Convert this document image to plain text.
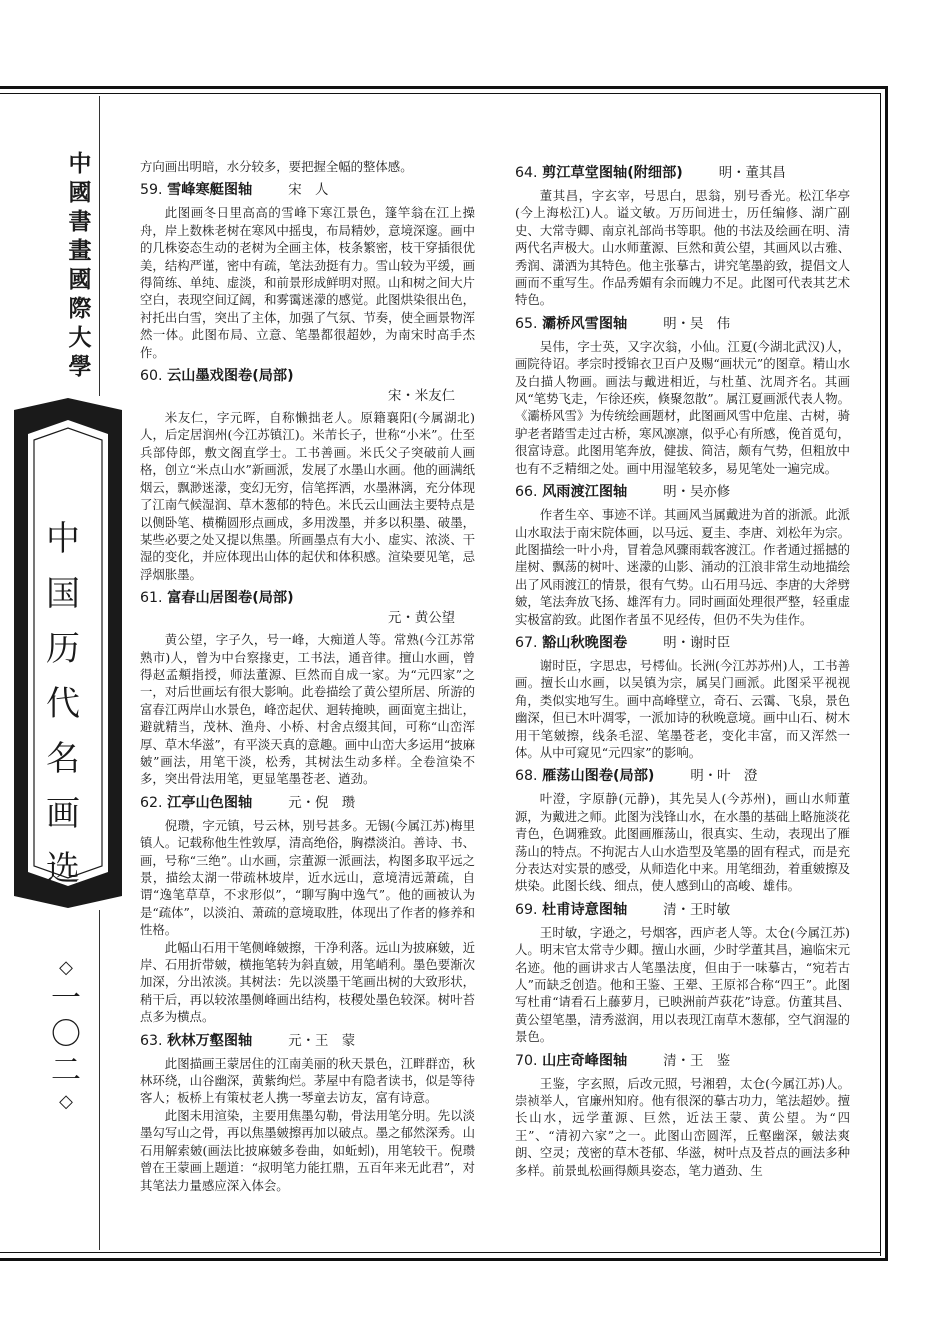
中
國
書
畫
國
際
大
學
中
国
历
代
名
画
选
◇
一
〇
二
◇

方向画出明暗，水分较多，要把握全幅的整体感。

59. 雪峰寒艇图轴	宋　人

此图画冬日里高高的雪峰下寒江景色，篷竿翁在江上操舟，岸上数株老树在寒风中摇曳，布局精妙，意境深邃。画中的几株姿态生动的老树为全画主体，枝条繁密，枝干穿插很优美，结构严谨，密中有疏，笔法劲挺有力。雪山较为平缓，画得简练、单纯、虚淡，和前景形成鲜明对照。山和树之间大片空白，表现空间辽阔，和雾霭迷濛的感觉。此图烘染很出色，衬托出白雪，突出了主体，加强了气氛、节奏，使全画景物浑然一体。此图布局、立意、笔墨都很超妙，为南宋时高手杰作。

60. 云山墨戏图卷(局部)
宋・米友仁

米友仁，字元晖，自称懒拙老人。原籍襄阳(今属湖北)人，后定居润州(今江苏镇江)。米芾长子，世称“小米”。仕至兵部侍郎，敷文阁直学士。工书善画。米氏父子突破前人画格，创立“米点山水”新画派，发展了水墨山水画。他的画满纸烟云，飘渺迷濛，变幻无穷，信笔挥洒，水墨淋漓，充分体现了江南气候湿润、草木葱郁的特色。米氏云山画法主要特点是以侧卧笔、横椭圆形点画成，多用泼墨，并多以积墨、破墨，某些必要之处又提以焦墨。所画墨点有大小、虚实、浓淡、干湿的变化，并应体现出山体的起伏和体积感。渲染要见笔，忌浮烟胀墨。

61. 富春山居图卷(局部)
元・黄公望

黄公望，字子久，号一峰，大痴道人等。常熟(今江苏常熟市)人，曾为中台察掾吏，工书法，通音律。擅山水画，曾得赵孟頫指授，师法董源、巨然而自成一家。为“元四家”之一，对后世画坛有很大影响。此卷描绘了黄公望所居、所游的富春江两岸山水景色，峰峦起伏、迴转掩映，画面宽主拙让，避就精当，茂林、渔舟、小桥、村舍点缀其间，可称“山峦浑厚、草木华滋”，有平淡天真的意趣。画中山峦大多运用“披麻皴”画法，用笔干淡，松秀，其树法生动多样。全卷渲染不多，突出骨法用笔，更显笔墨苍老、遒劲。

62. 江亭山色图轴	元・倪　瓒

倪瓒，字元镇，号云林，别号甚多。无锡(今属江苏)梅里镇人。记载称他生性敦厚，清高绝俗，胸襟淡泊。善诗、书、画，号称“三绝”。山水画，宗董源一派画法，构图多取平远之景，描绘太湖一带疏林坡岸，近水远山，意境清远萧疏，自谓“逸笔草草，不求形似”，“聊写胸中逸气”。他的画被认为是“疏体”，以淡泊、萧疏的意境取胜，体现出了作者的修养和性格。

此幅山石用干笔侧峰皴擦，干净利落。远山为披麻皴，近岸、石用折带皴，横拖笔转为斜直皴，用笔峭利。墨色要渐次加深，分出浓淡。其树法：先以淡墨干笔画出树的大致形状，稍干后，再以较浓墨侧峰画出结构，枝稷处墨色较深。树叶苔点多为横点。

63. 秋林万壑图轴	元・王　蒙

此图描画王蒙居住的江南美丽的秋天景色，江畔群峦，秋林环绕，山谷幽深，黄紫绚烂。茅屋中有隐者读书，似是等待客人；板桥上有策杖老人携一琴童去访友，富有诗意。

此图未用渲染，主要用焦墨勾勒，骨法用笔分明。先以淡墨勾写山之骨，再以焦墨皴擦再加以破点。墨之郁然深秀。山石用解索皴(画法比披麻皴多卷曲，如蚯蚓)，用笔较干。倪瓒曾在王蒙画上题道：“叔明笔力能扛鼎，五百年来无此君”，对其笔法力量感应深入体会。

64. 剪江草堂图轴(附细部)	明・董其昌

董其昌，字玄宰，号思白，思翁，别号香光。松江华亭(今上海松江)人。谥文敏。万历间进士，历任编修、湖广副史、大常寺卿、南京礼部尚书等职。他的书法及绘画在明、清两代名声极大。山水师董源、巨然和黄公望，其画风以古雅、秀润、潇洒为其特色。他主张摹古，讲究笔墨韵致，提倡文人画而不重写生。作品秀媚有余而魄力不足。此图可代表其艺术特色。

65. 灞桥风雪图轴	明・吴　伟

吴伟，字士英，又字次翁，小仙。江夏(今湖北武汉)人，画院待诏。孝宗时授锦衣卫百户及赐“画状元”的图章。精山水及白描人物画。画法与戴进相近，与杜堇、沈周齐名。其画风“笔势飞走，乍徐还疾，倏聚忽散”。属江夏画派代表人物。《灞桥风雪》为传统绘画题材，此图画风雪中危崖、古树，骑驴老者踏雪走过古桥，寒风凛凛，似乎心有所感，俛首觅句，很富诗意。此图用笔奔放，健拔、简洁，颇有气势，但粗放中也有不乏精细之处。画中用湿笔较多，易见笔处一遍完成。

66. 风雨渡江图轴	明・吴亦修

作者生卒、事迹不详。其画风当属戴进为首的浙派。此派山水取法于南宋院体画，以马远、夏圭、李唐、刘松年为宗。此图描绘一叶小舟，冒着急风骤雨载客渡江。作者通过摇撼的崖树、飘荡的树叶、迷濛的山影、涌动的江浪非常生动地描绘出了风雨渡江的情景，很有气势。山石用马远、李唐的大斧劈皴，笔法奔放飞扬、雄浑有力。同时画面处理很严整，轻重虚实极富韵致。此图作者虽不见经传，但仍不失为佳作。

67. 豁山秋晚图卷	明・谢时臣

谢时臣，字思忠，号樗仙。长洲(今江苏苏州)人，工书善画。擅长山水画，以吴镇为宗，属吴门画派。此图采平视视角，类似实地写生。画中高峰壁立，奇石、云霭、飞泉，景色幽深，但已木叶凋零，一派加诗的秋晚意境。画中山石、树木用干笔皴擦，线条毛涩、笔墨苍老，变化丰富，而又浑然一体。从中可窥见“元四家”的影响。

68. 雁荡山图卷(局部)	明・叶　澄

叶澄，字原静(元静)，其先吴人(今苏州)，画山水师董源，为戴进之师。此图为浅锋山水，在水墨的基础上略施淡花青色，色调雅致。此图画雁荡山，很真实、生动，表现出了雁荡山的特点。不拘泥古人山水造型及笔墨的固有程式，而是充分表达对实景的感受，从师造化中来。用笔细劲，着重皴擦及烘染。此图长线、细点，使人感到山的高峻、雄伟。

69. 杜甫诗意图轴	清・王时敏

王时敏，字逊之，号烟客，西庐老人等。太仓(今属江苏)人。明末官太常寺少卿。擅山水画，少时学董其昌，遍临宋元名迹。他的画讲求古人笔墨法度，但由于一味摹古，“宛若古人”而缺乏创造。他和王鉴、王翚、王原祁合称“四王”。此图写杜甫“请看石上藤萝月，已映洲前芦荻花”诗意。仿董其昌、黄公望笔墨，清秀滋润，用以表现江南草木葱郁，空气润湿的景色。

70. 山庄奇峰图轴	清・王　鉴

王鉴，字玄照，后改元照，号湘碧，太仓(今属江苏)人。崇祯举人，官廉州知府。他有很深的摹古功力，笔法超妙。擅长山水，远学董源、巨然，近法王蒙、黄公望。为“四王”、“清初六家”之一。此图山峦圆浑，丘壑幽深，皴法爽朗、空灵；茂密的草木苍郁、华滋，树叶点及苔点的画法多种多样。前景虬松画得颇具姿态，笔力遒劲、生
